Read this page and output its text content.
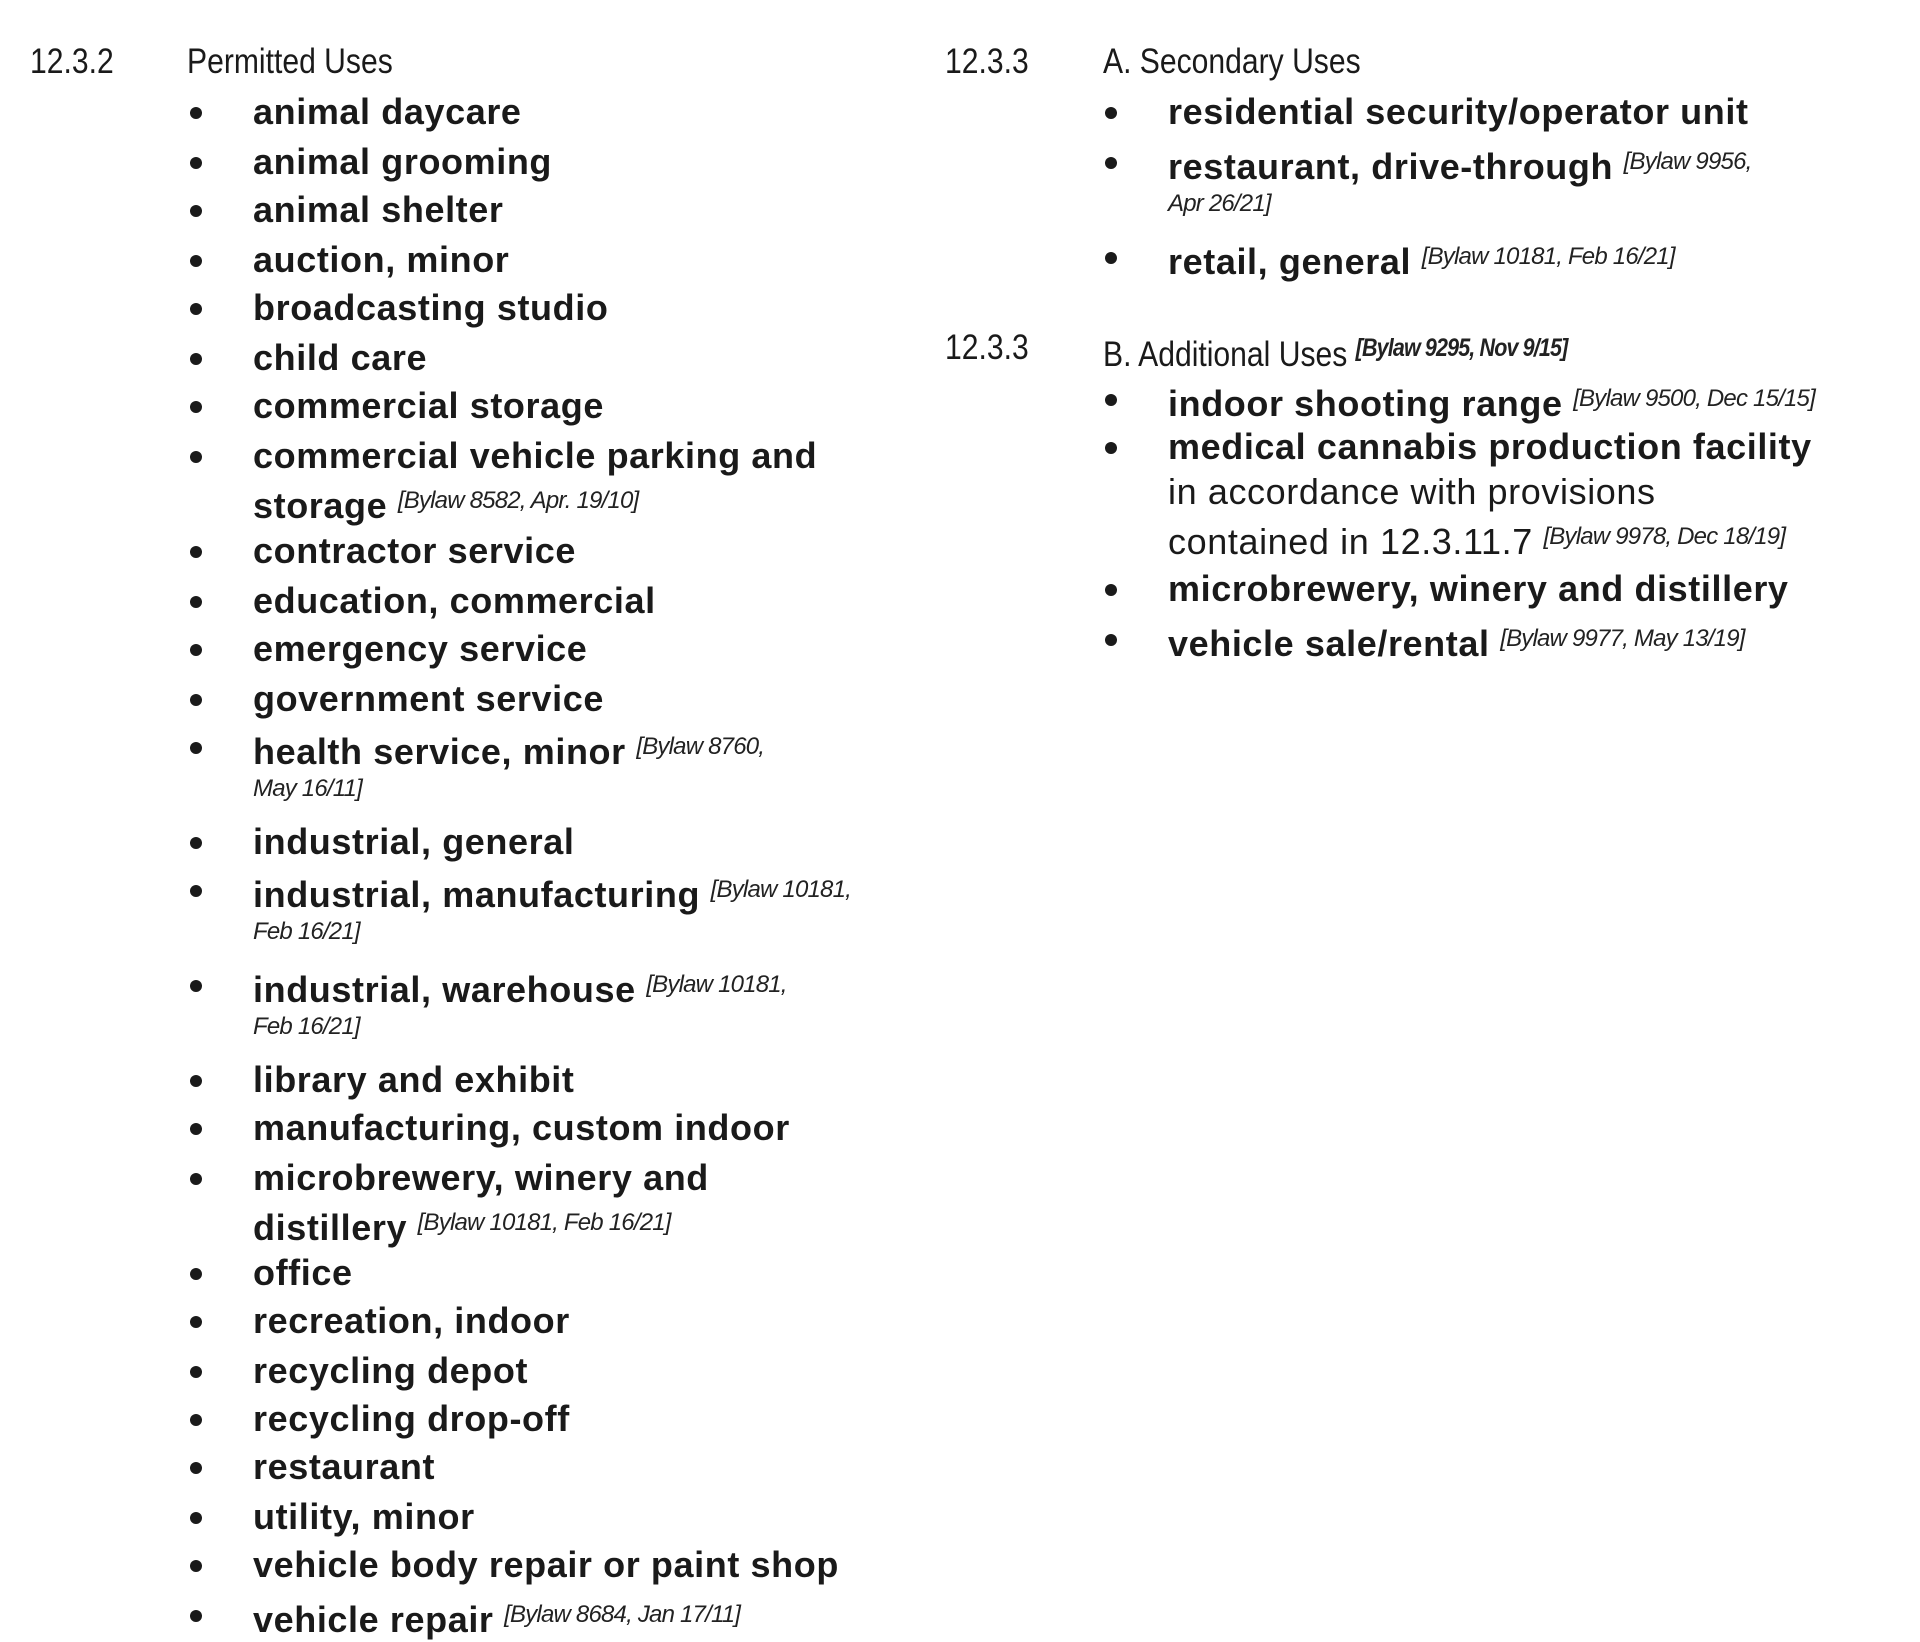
12.3.2 Permitted Uses
animal daycare
animal grooming
animal shelter
auction, minor
broadcasting studio
child care
commercial storage
commercial vehicle parking and
storage [Bylaw 8582, Apr. 19/10]
contractor service
education, commercial
emergency service
government service
health service, minor $^{[Bylaw 8760,}$
May 16/11]
industrial, general
industrial, manufacturing $^{[Bylaw 10181,}$
Feb 16/21]
industrial, warehouse $^{[Bylaw 10181,}$
Feb 16/21]
library and exhibit
manufacturing, custom indoor
microbrewery, winery and
distillery [Bylaw 10181, Feb 16/21]
office
recreation, indoor
recycling depot
recycling drop-off
restaurant
utility, minor
vehicle body repair or paint shop
vehicle repair [Bylaw 8684, Jan 17/11]
12.3.3 A. Secondary Uses
residential security/operator unit
restaurant, drive-through $^{[Bylaw 9956,}$
Apr 26/21]
retail, general [Bylaw 10181, Feb 16/21]
12.3.3 B. Additional Uses [Bylaw 9295, Nov 9/15]
indoor shooting range [Bylaw 9500, Dec 15/15]
medical cannabis production facility
in accordance with provisions
contained in 12.3.11.7 [Bylaw 9978, Dec 18/19]
microbrewery, winery and distillery
vehicle sale/rental [Bylaw 9977, May 13/19]
